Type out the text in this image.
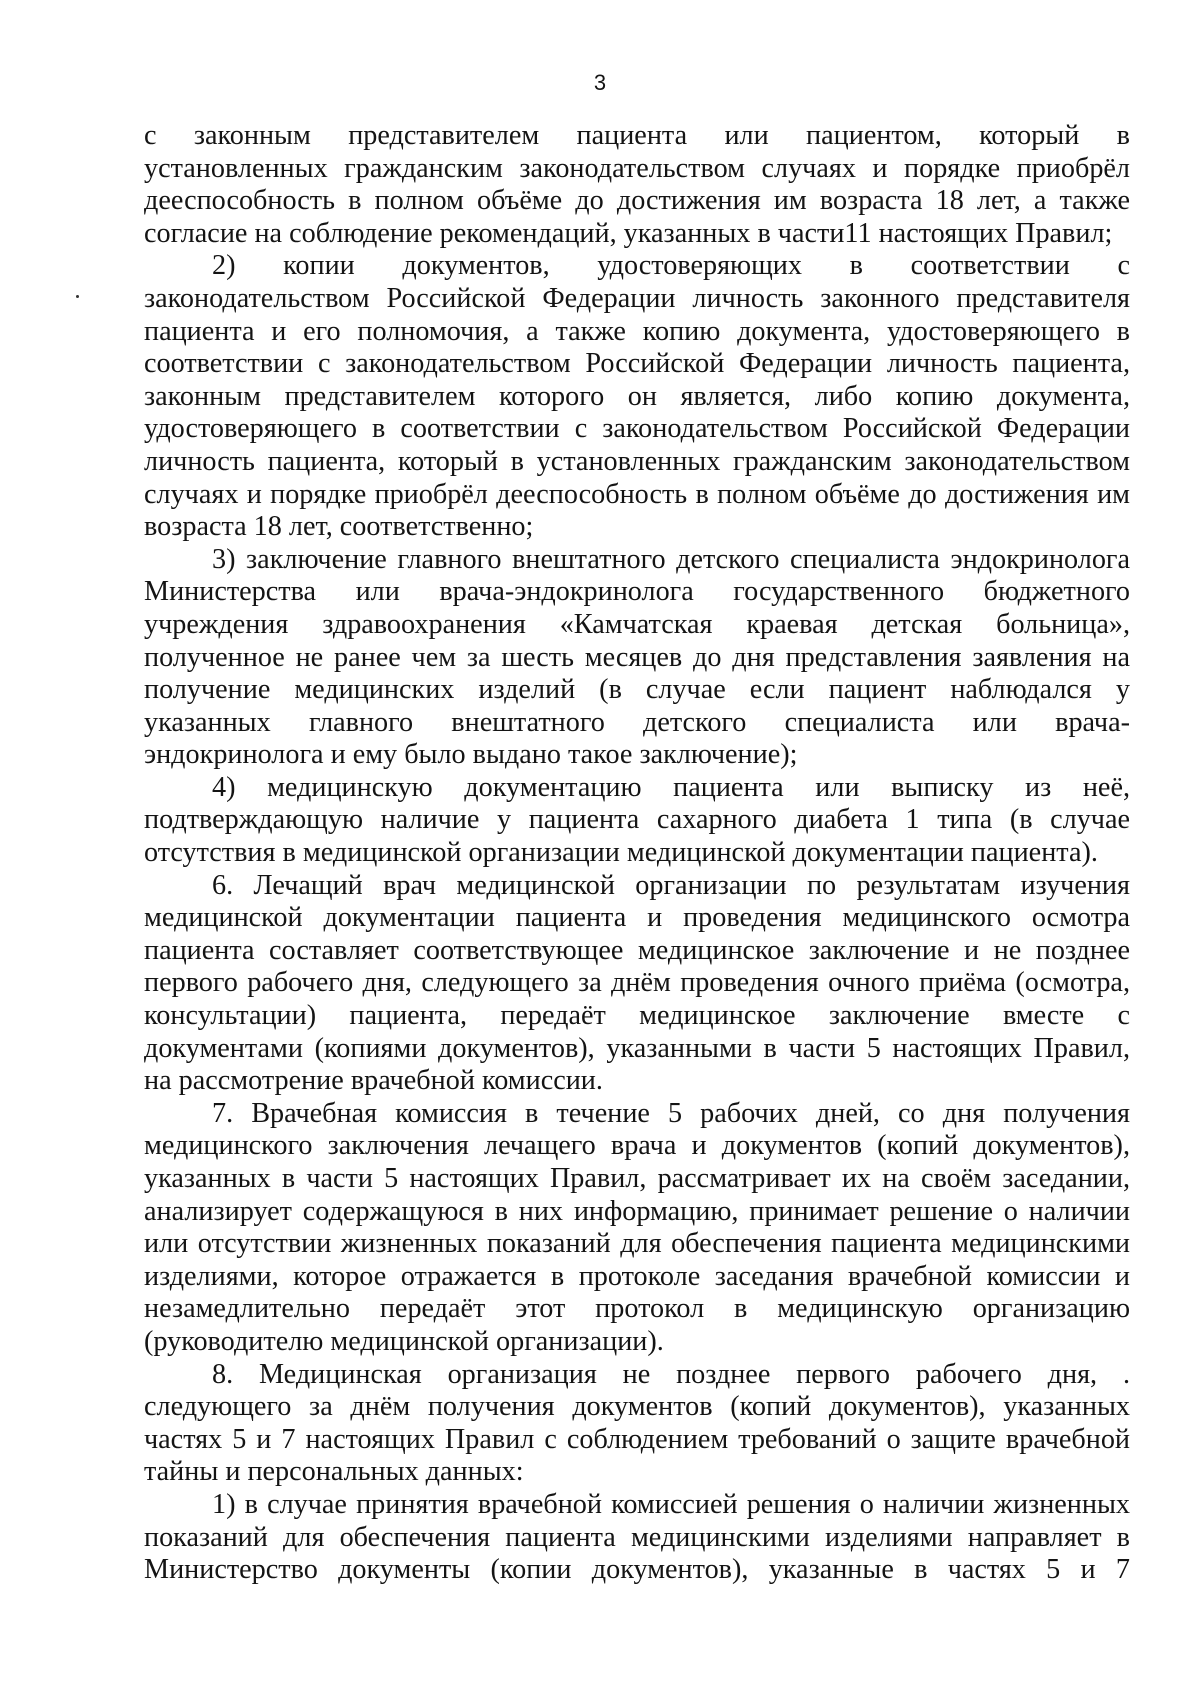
3
с законным представителем пациента или пациентом, который в
установленных гражданским законодательством случаях и порядке приобрёл
дееспособность в полном объёме до достижения им возраста 18 лет, а также
согласие на соблюдение рекомендаций, указанных в части11 настоящих Правил;
2) копии документов, удостоверяющих в соответствии с
законодательством Российской Федерации личность законного представителя
пациента и его полномочия, а также копию документа, удостоверяющего в
соответствии с законодательством Российской Федерации личность пациента,
законным представителем которого он является, либо копию документа,
удостоверяющего в соответствии с законодательством Российской Федерации
личность пациента, который в установленных гражданским законодательством
случаях и порядке приобрёл дееспособность в полном объёме до достижения им
возраста 18 лет, соответственно;
3) заключение главного внештатного детского специалиста эндокринолога
Министерства или врача-эндокринолога государственного бюджетного
учреждения здравоохранения «Камчатская краевая детская больница»,
полученное не ранее чем за шесть месяцев до дня представления заявления на
получение медицинских изделий (в случае если пациент наблюдался у
указанных главного внештатного детского специалиста или врача-
эндокринолога и ему было выдано такое заключение);
4) медицинскую документацию пациента или выписку из неё,
подтверждающую наличие у пациента сахарного диабета 1 типа (в случае
отсутствия в медицинской организации медицинской документации пациента).
6. Лечащий врач медицинской организации по результатам изучения
медицинской документации пациента и проведения медицинского осмотра
пациента составляет соответствующее медицинское заключение и не позднее
первого рабочего дня, следующего за днём проведения очного приёма (осмотра,
консультации) пациента, передаёт медицинское заключение вместе с
документами (копиями документов), указанными в части 5 настоящих Правил,
на рассмотрение врачебной комиссии.
7. Врачебная комиссия в течение 5 рабочих дней, со дня получения
медицинского заключения лечащего врача и документов (копий документов),
указанных в части 5 настоящих Правил, рассматривает их на своём заседании,
анализирует содержащуюся в них информацию, принимает решение о наличии
или отсутствии жизненных показаний для обеспечения пациента медицинскими
изделиями, которое отражается в протоколе заседания врачебной комиссии и
незамедлительно передаёт этот протокол в медицинскую организацию
(руководителю медицинской организации).
8. Медицинская организация не позднее первого рабочего дня, .
следующего за днём получения документов (копий документов), указанных
частях 5 и 7 настоящих Правил с соблюдением требований о защите врачебной
тайны и персональных данных:
1) в случае принятия врачебной комиссией решения о наличии жизненных
показаний для обеспечения пациента медицинскими изделиями направляет в
Министерство документы (копии документов), указанные в частях 5 и 7
